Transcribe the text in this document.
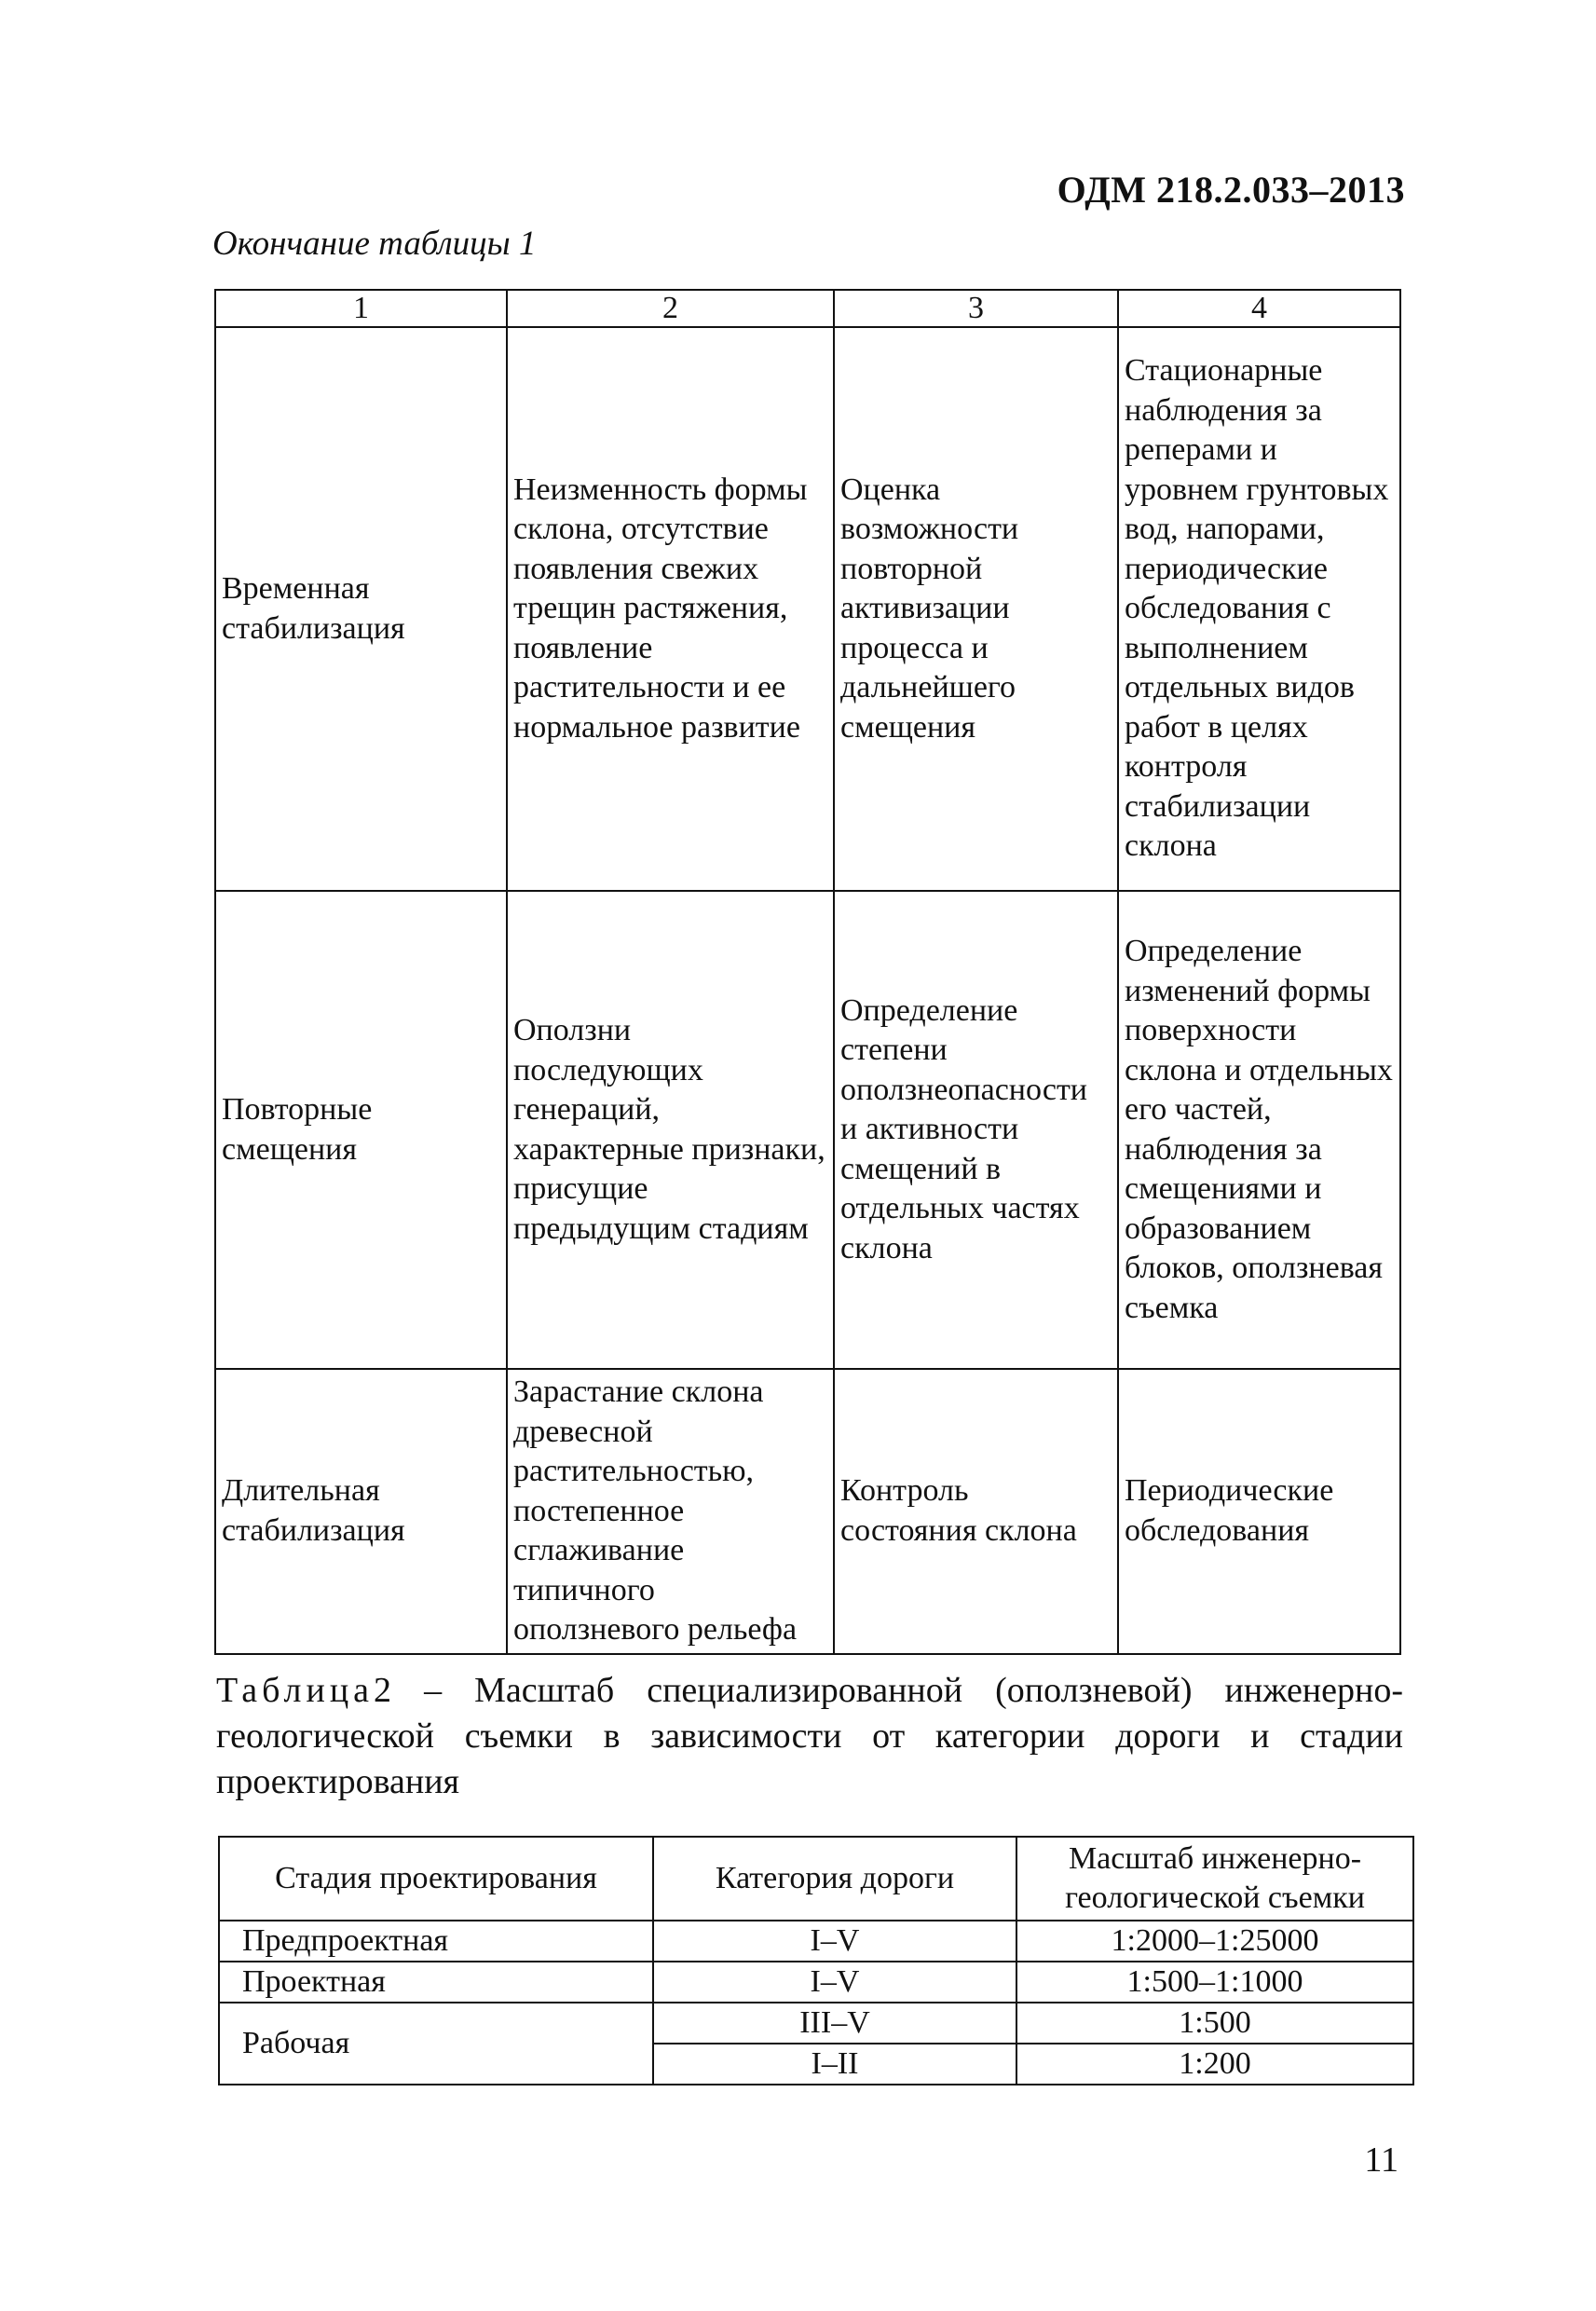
ОДМ 218.2.033–2013
Окончание таблицы 1
1	2	3	4
Временная стабилизация	Неизменность формы склона, отсутствие появления свежих трещин растяжения, появление растительности и ее нормальное развитие	Оценка возможности повторной активизации процесса и дальнейшего смещения	Стационарные наблюдения за реперами и уровнем грунтовых вод, напорами, периодические обследования с выполнением отдельных видов работ в целях контроля стабилизации склона
Повторные смещения	Оползни последующих генераций, характерные признаки, присущие предыдущим стадиям	Определение степени оползнеопасности и активности смещений в отдельных частях склона	Определение изменений формы поверхности склона и отдельных его частей, наблюдения за смещениями и образованием блоков, оползневая съемка
Длительная стабилизация	Зарастание склона древесной растительностью, постепенное сглаживание типичного оползневого рельефа	Контроль состояния склона	Периодические обследования
Таблица2 – Масштаб специализированной (оползневой) инженерно-геологической съемки в зависимости от категории дороги и стадии проектирования
Стадия проектирования	Категория дороги	Масштаб инженерно-геологической съемки
Предпроектная	I–V	1:2000–1:25000
Проектная	I–V	1:500–1:1000
Рабочая	III–V	1:500
	I–II	1:200
11
